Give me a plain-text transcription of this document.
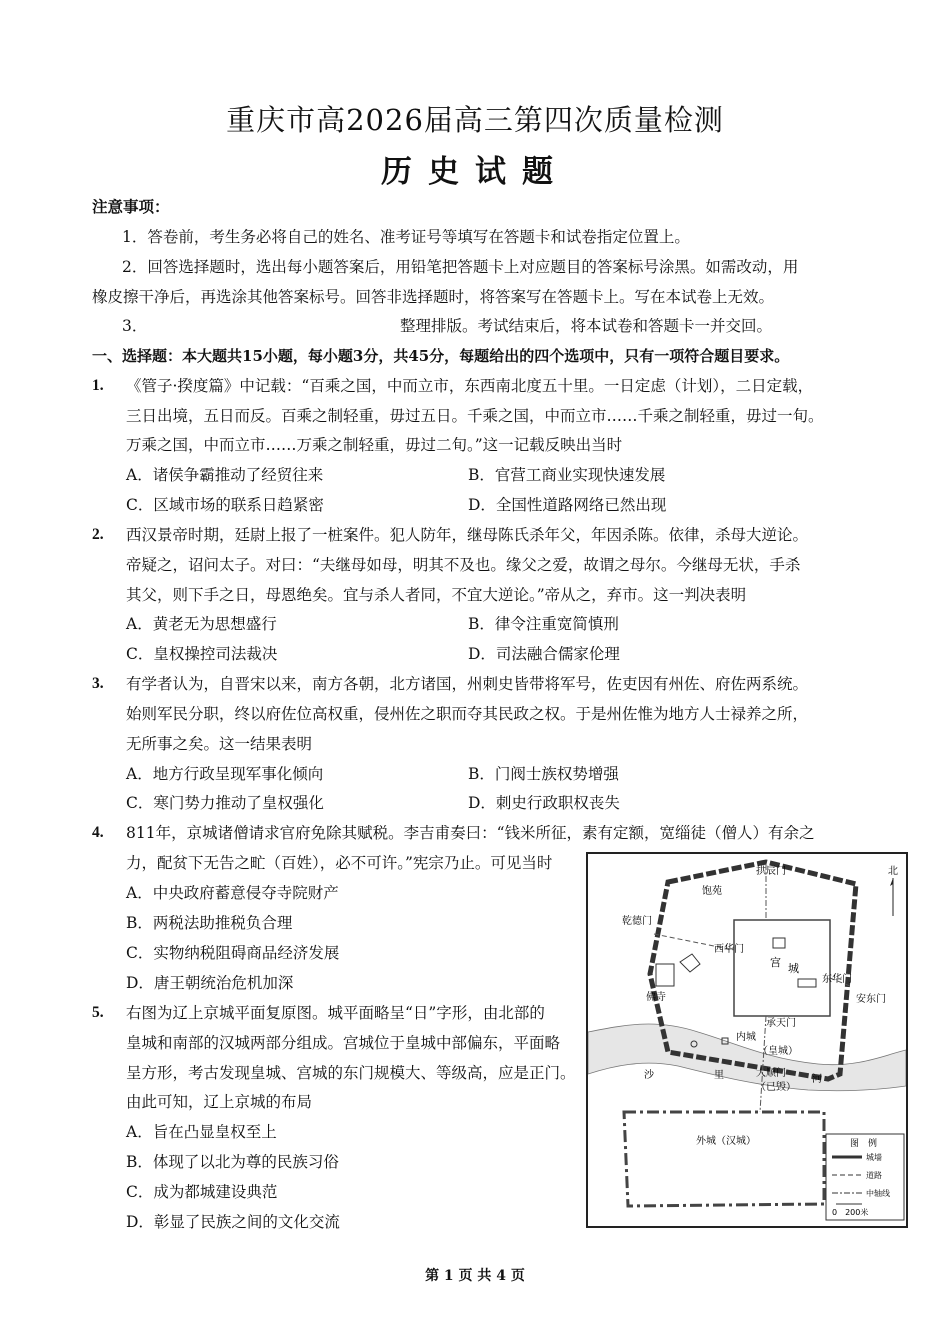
重庆市高2026届高三第四次质量检测
历史试题
注意事项：
1．答卷前，考生务必将自己的姓名、准考证号等填写在答题卡和试卷指定位置上。
2．回答选择题时，选出每小题答案后，用铅笔把答题卡上对应题目的答案标号涂黑。如需改动，用
橡皮擦干净后，再选涂其他答案标号。回答非选择题时，将答案写在答题卡上。写在本试卷上无效。
3．	整理排版。考试结束后，将本试卷和答题卡一并交回。
一、选择题：本大题共15小题，每小题3分，共45分，每题给出的四个选项中，只有一项符合题目要求。
1. 《管子·揆度篇》中记载：“百乘之国，中而立市，东西南北度五十里。一日定虑（计划），二日定载，
三日出境，五日而反。百乘之制轻重，毋过五日。千乘之国，中而立市……千乘之制轻重，毋过一旬。
万乘之国，中而立市……万乘之制轻重，毋过二旬。”这一记载反映出当时
A．诸侯争霸推动了经贸往来	B．官营工商业实现快速发展
C．区域市场的联系日趋紧密	D．全国性道路网络已然出现
2. 西汉景帝时期，廷尉上报了一桩案件。犯人防年，继母陈氏杀年父，年因杀陈。依律，杀母大逆论。
帝疑之，诏问太子。对曰：“夫继母如母，明其不及也。缘父之爱，故谓之母尔。今继母无状，手杀
其父，则下手之日，母恩绝矣。宜与杀人者同，不宜大逆论。”帝从之，弃市。这一判决表明
A．黄老无为思想盛行	B．律令注重宽简慎刑
C．皇权操控司法裁决	D．司法融合儒家伦理
3. 有学者认为，自晋宋以来，南方各朝，北方诸国，州刺史皆带将军号，佐吏因有州佐、府佐两系统。
始则军民分职，终以府佐位高权重，侵州佐之职而夺其民政之权。于是州佐惟为地方人士禄养之所，
无所事之矣。这一结果表明
A．地方行政呈现军事化倾向	B．门阀士族权势增强
C．寒门势力推动了皇权强化	D．刺史行政职权丧失
4. 811年，京城诸僧请求官府免除其赋税。李吉甫奏曰：“钱米所征，素有定额，宽缁徒（僧人）有余之
力，配贫下无告之甿（百姓），必不可许。”宪宗乃止。可见当时
A．中央政府蓄意侵夺寺院财产
B．两税法助推税负合理
C．实物纳税阻碍商品经济发展
D．唐王朝统治危机加深
5. 右图为辽上京城平面复原图。城平面略呈“日”字形，由北部的
皇城和南部的汉城两部分组成。宫城位于皇城中部偏东，平面略
呈方形，考古发现皇城、宫城的东门规模大、等级高，应是正门。
由此可知，辽上京城的布局
A．旨在凸显皇权至上
B．体现了以北为尊的民族习俗
C．成为都城建设典范
D．彰显了民族之间的文化交流
北
拱辰门
乾德门
饱苑
西华门
宫 城
东华门
安东门
佛寺
承天门
内城
（皇城）
沙	里	河
大顺门
（已毁）
外城（汉城）	图　例
城墙
道路
中轴线
0　200米
第 1 页 共 4 页
